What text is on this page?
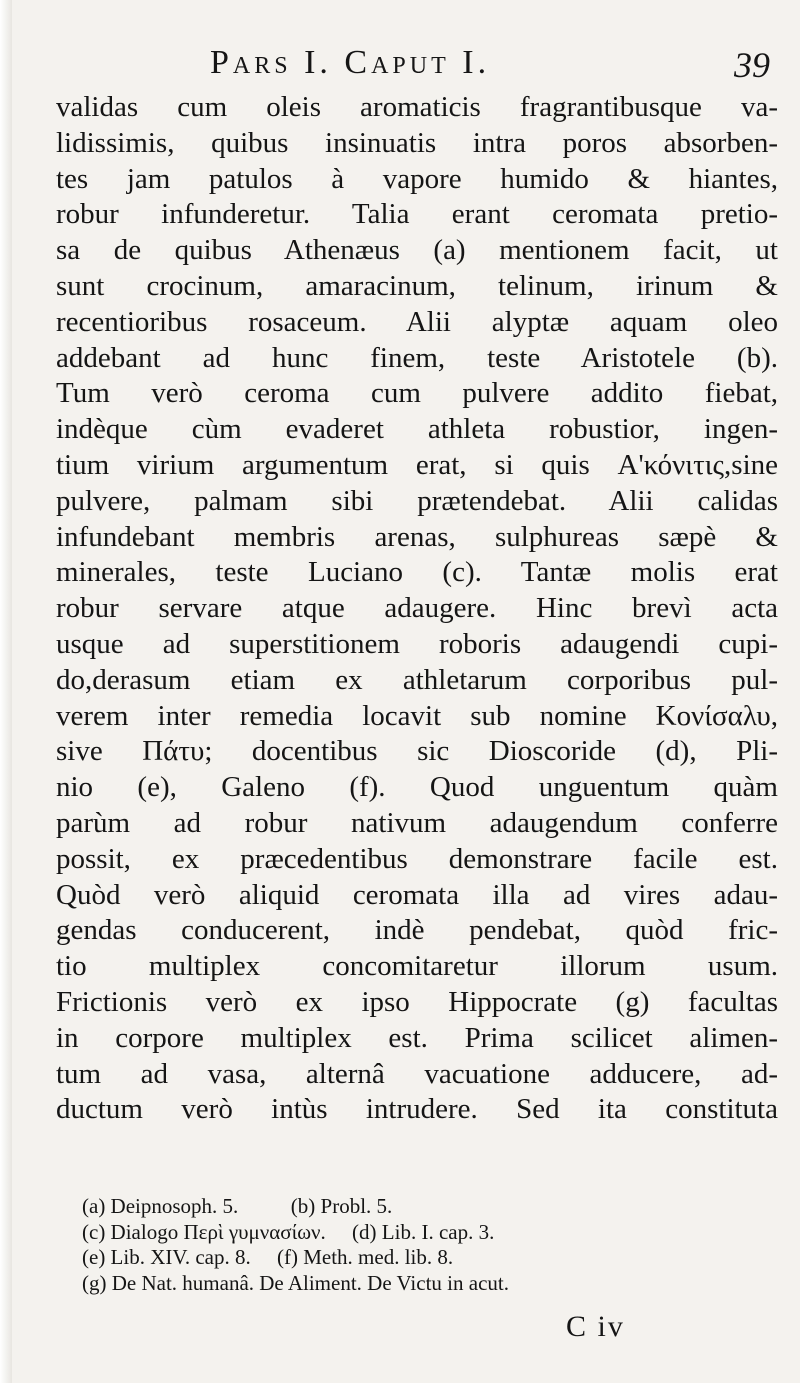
Pars I. Caput I.	39
validas cum oleis aromaticis fragrantibusque va-
lidissimis, quibus insinuatis intra poros absorben-
tes jam patulos à vapore humido & hiantes,
robur infunderetur. Talia erant ceromata pretio-
sa de quibus Athenæus (a) mentionem facit, ut
sunt crocinum, amaracinum, telinum, irinum &
recentioribus rosaceum. Alii alyptæ aquam oleo
addebant ad hunc finem, teste Aristotele (b).
Tum verò ceroma cum pulvere addito fiebat,
indèque cùm evaderet athleta robustior, ingen-
tium virium argumentum erat, si quis Α'κόνιτις,sine
pulvere, palmam sibi prætendebat. Alii calidas
infundebant membris arenas, sulphureas sæpè &
minerales, teste Luciano (c). Tantæ molis erat
robur servare atque adaugere. Hinc brevì acta
usque ad superstitionem roboris adaugendi cupi-
do,derasum etiam ex athletarum corporibus pul-
verem inter remedia locavit sub nomine Κονίσαλυ,
sive Πάτυ; docentibus sic Dioscoride (d), Pli-
nio (e), Galeno (f). Quod unguentum quàm
parùm ad robur nativum adaugendum conferre
possit, ex præcedentibus demonstrare facile est.
Quòd verò aliquid ceromata illa ad vires adau-
gendas conducerent, indè pendebat, quòd fric-
tio multiplex concomitaretur illorum usum.
Frictionis verò ex ipso Hippocrate (g) facultas
in corpore multiplex est. Prima scilicet alimen-
tum ad vasa, alternâ vacuatione adducere, ad-
ductum verò intùs intrudere. Sed ita constituta
(a) Deipnosoph. 5.          (b) Probl. 5.
(c) Dialogo Περὶ γυμνασίων.     (d) Lib. I. cap. 3.
(e) Lib. XIV. cap. 8.     (f) Meth. med. lib. 8.
(g) De Nat. humanâ. De Aliment. De Victu in acut.
C iv
